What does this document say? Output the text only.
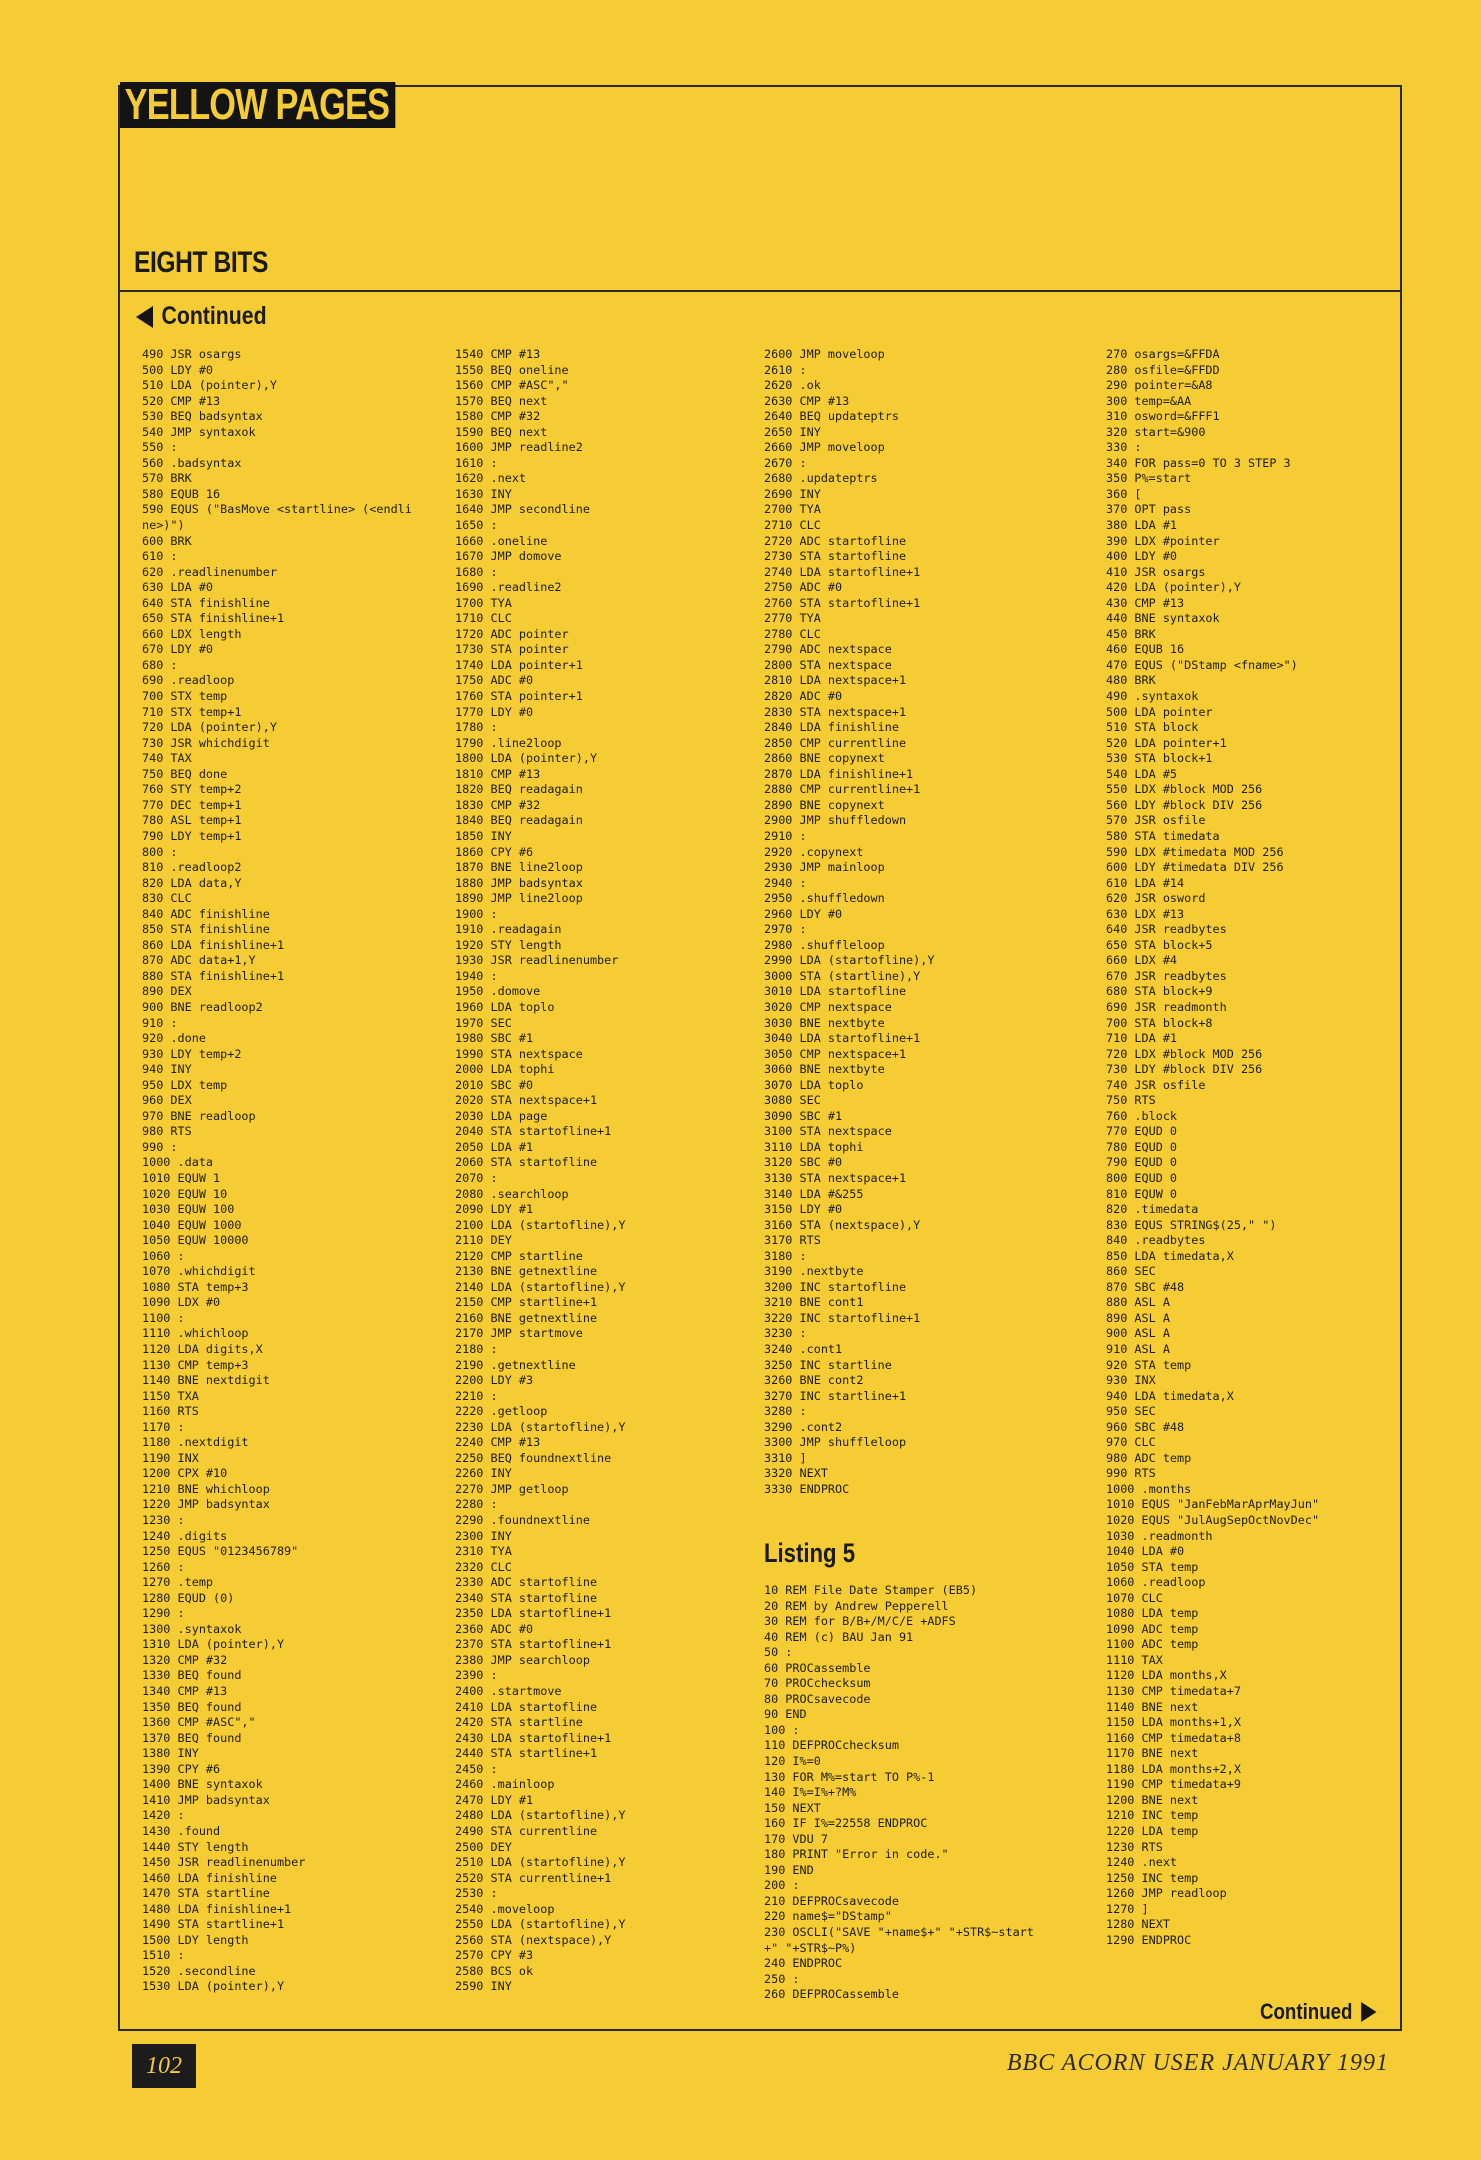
YELLOW PAGES
EIGHT BITS
Continued
490 JSR osargs
500 LDY #0
510 LDA (pointer),Y
520 CMP #13
530 BEQ badsyntax
540 JMP syntaxok
550 :
560 .badsyntax
570 BRK
580 EQUB 16
590 EQUS ("BasMove <startline> (<endli
ne>)")
600 BRK
610 :
620 .readlinenumber
630 LDA #0
640 STA finishline
650 STA finishline+1
660 LDX length
670 LDY #0
680 :
690 .readloop
700 STX temp
710 STX temp+1
720 LDA (pointer),Y
730 JSR whichdigit
740 TAX
750 BEQ done
760 STY temp+2
770 DEC temp+1
780 ASL temp+1
790 LDY temp+1
800 :
810 .readloop2
820 LDA data,Y
830 CLC
840 ADC finishline
850 STA finishline
860 LDA finishline+1
870 ADC data+1,Y
880 STA finishline+1
890 DEX
900 BNE readloop2
910 :
920 .done
930 LDY temp+2
940 INY
950 LDX temp
960 DEX
970 BNE readloop
980 RTS
990 :
1000 .data
1010 EQUW 1
1020 EQUW 10
1030 EQUW 100
1040 EQUW 1000
1050 EQUW 10000
1060 :
1070 .whichdigit
1080 STA temp+3
1090 LDX #0
1100 :
1110 .whichloop
1120 LDA digits,X
1130 CMP temp+3
1140 BNE nextdigit
1150 TXA
1160 RTS
1170 :
1180 .nextdigit
1190 INX
1200 CPX #10
1210 BNE whichloop
1220 JMP badsyntax
1230 :
1240 .digits
1250 EQUS "0123456789"
1260 :
1270 .temp
1280 EQUD (0)
1290 :
1300 .syntaxok
1310 LDA (pointer),Y
1320 CMP #32
1330 BEQ found
1340 CMP #13
1350 BEQ found
1360 CMP #ASC","
1370 BEQ found
1380 INY
1390 CPY #6
1400 BNE syntaxok
1410 JMP badsyntax
1420 :
1430 .found
1440 STY length
1450 JSR readlinenumber
1460 LDA finishline
1470 STA startline
1480 LDA finishline+1
1490 STA startline+1
1500 LDY length
1510 :
1520 .secondline
1530 LDA (pointer),Y
1540 CMP #13
1550 BEQ oneline
1560 CMP #ASC","
1570 BEQ next
1580 CMP #32
1590 BEQ next
1600 JMP readline2
1610 :
1620 .next
1630 INY
1640 JMP secondline
1650 :
1660 .oneline
1670 JMP domove
1680 :
1690 .readline2
1700 TYA
1710 CLC
1720 ADC pointer
1730 STA pointer
1740 LDA pointer+1
1750 ADC #0
1760 STA pointer+1
1770 LDY #0
1780 :
1790 .line2loop
1800 LDA (pointer),Y
1810 CMP #13
1820 BEQ readagain
1830 CMP #32
1840 BEQ readagain
1850 INY
1860 CPY #6
1870 BNE line2loop
1880 JMP badsyntax
1890 JMP line2loop
1900 :
1910 .readagain
1920 STY length
1930 JSR readlinenumber
1940 :
1950 .domove
1960 LDA toplo
1970 SEC
1980 SBC #1
1990 STA nextspace
2000 LDA tophi
2010 SBC #0
2020 STA nextspace+1
2030 LDA page
2040 STA startofline+1
2050 LDA #1
2060 STA startofline
2070 :
2080 .searchloop
2090 LDY #1
2100 LDA (startofline),Y
2110 DEY
2120 CMP startline
2130 BNE getnextline
2140 LDA (startofline),Y
2150 CMP startline+1
2160 BNE getnextline
2170 JMP startmove
2180 :
2190 .getnextline
2200 LDY #3
2210 :
2220 .getloop
2230 LDA (startofline),Y
2240 CMP #13
2250 BEQ foundnextline
2260 INY
2270 JMP getloop
2280 :
2290 .foundnextline
2300 INY
2310 TYA
2320 CLC
2330 ADC startofline
2340 STA startofline
2350 LDA startofline+1
2360 ADC #0
2370 STA startofline+1
2380 JMP searchloop
2390 :
2400 .startmove
2410 LDA startofline
2420 STA startline
2430 LDA startofline+1
2440 STA startline+1
2450 :
2460 .mainloop
2470 LDY #1
2480 LDA (startofline),Y
2490 STA currentline
2500 DEY
2510 LDA (startofline),Y
2520 STA currentline+1
2530 :
2540 .moveloop
2550 LDA (startofline),Y
2560 STA (nextspace),Y
2570 CPY #3
2580 BCS ok
2590 INY
2600 JMP moveloop
2610 :
2620 .ok
2630 CMP #13
2640 BEQ updateptrs
2650 INY
2660 JMP moveloop
2670 :
2680 .updateptrs
2690 INY
2700 TYA
2710 CLC
2720 ADC startofline
2730 STA startofline
2740 LDA startofline+1
2750 ADC #0
2760 STA startofline+1
2770 TYA
2780 CLC
2790 ADC nextspace
2800 STA nextspace
2810 LDA nextspace+1
2820 ADC #0
2830 STA nextspace+1
2840 LDA finishline
2850 CMP currentline
2860 BNE copynext
2870 LDA finishline+1
2880 CMP currentline+1
2890 BNE copynext
2900 JMP shuffledown
2910 :
2920 .copynext
2930 JMP mainloop
2940 :
2950 .shuffledown
2960 LDY #0
2970 :
2980 .shuffleloop
2990 LDA (startofline),Y
3000 STA (startline),Y
3010 LDA startofline
3020 CMP nextspace
3030 BNE nextbyte
3040 LDA startofline+1
3050 CMP nextspace+1
3060 BNE nextbyte
3070 LDA toplo
3080 SEC
3090 SBC #1
3100 STA nextspace
3110 LDA tophi
3120 SBC #0
3130 STA nextspace+1
3140 LDA #&255
3150 LDY #0
3160 STA (nextspace),Y
3170 RTS
3180 :
3190 .nextbyte
3200 INC startofline
3210 BNE cont1
3220 INC startofline+1
3230 :
3240 .cont1
3250 INC startline
3260 BNE cont2
3270 INC startline+1
3280 :
3290 .cont2
3300 JMP shuffleloop
3310 ]
3320 NEXT
3330 ENDPROC
Listing 5
10 REM File Date Stamper (EB5)
20 REM by Andrew Pepperell
30 REM for B/B+/M/C/E +ADFS
40 REM (c) BAU Jan 91
50 :
60 PROCassemble
70 PROCchecksum
80 PROCsavecode
90 END
100 :
110 DEFPROCchecksum
120 I%=0
130 FOR M%=start TO P%-1
140 I%=I%+?M%
150 NEXT
160 IF I%=22558 ENDPROC
170 VDU 7
180 PRINT "Error in code."
190 END
200 :
210 DEFPROCsavecode
220 name$="DStamp"
230 OSCLI("SAVE "+name$+" "+STR$~start
+" "+STR$~P%)
240 ENDPROC
250 :
260 DEFPROCassemble
270 osargs=&FFDA
280 osfile=&FFDD
290 pointer=&A8
300 temp=&AA
310 osword=&FFF1
320 start=&900
330 :
340 FOR pass=0 TO 3 STEP 3
350 P%=start
360 [
370 OPT pass
380 LDA #1
390 LDX #pointer
400 LDY #0
410 JSR osargs
420 LDA (pointer),Y
430 CMP #13
440 BNE syntaxok
450 BRK
460 EQUB 16
470 EQUS ("DStamp <fname>")
480 BRK
490 .syntaxok
500 LDA pointer
510 STA block
520 LDA pointer+1
530 STA block+1
540 LDA #5
550 LDX #block MOD 256
560 LDY #block DIV 256
570 JSR osfile
580 STA timedata
590 LDX #timedata MOD 256
600 LDY #timedata DIV 256
610 LDA #14
620 JSR osword
630 LDX #13
640 JSR readbytes
650 STA block+5
660 LDX #4
670 JSR readbytes
680 STA block+9
690 JSR readmonth
700 STA block+8
710 LDA #1
720 LDX #block MOD 256
730 LDY #block DIV 256
740 JSR osfile
750 RTS
760 .block
770 EQUD 0
780 EQUD 0
790 EQUD 0
800 EQUD 0
810 EQUW 0
820 .timedata
830 EQUS STRING$(25," ")
840 .readbytes
850 LDA timedata,X
860 SEC
870 SBC #48
880 ASL A
890 ASL A
900 ASL A
910 ASL A
920 STA temp
930 INX
940 LDA timedata,X
950 SEC
960 SBC #48
970 CLC
980 ADC temp
990 RTS
1000 .months
1010 EQUS "JanFebMarAprMayJun"
1020 EQUS "JulAugSepOctNovDec"
1030 .readmonth
1040 LDA #0
1050 STA temp
1060 .readloop
1070 CLC
1080 LDA temp
1090 ADC temp
1100 ADC temp
1110 TAX
1120 LDA months,X
1130 CMP timedata+7
1140 BNE next
1150 LDA months+1,X
1160 CMP timedata+8
1170 BNE next
1180 LDA months+2,X
1190 CMP timedata+9
1200 BNE next
1210 INC temp
1220 LDA temp
1230 RTS
1240 .next
1250 INC temp
1260 JMP readloop
1270 ]
1280 NEXT
1290 ENDPROC
Continued
102	BBC ACORN USER JANUARY 1991
